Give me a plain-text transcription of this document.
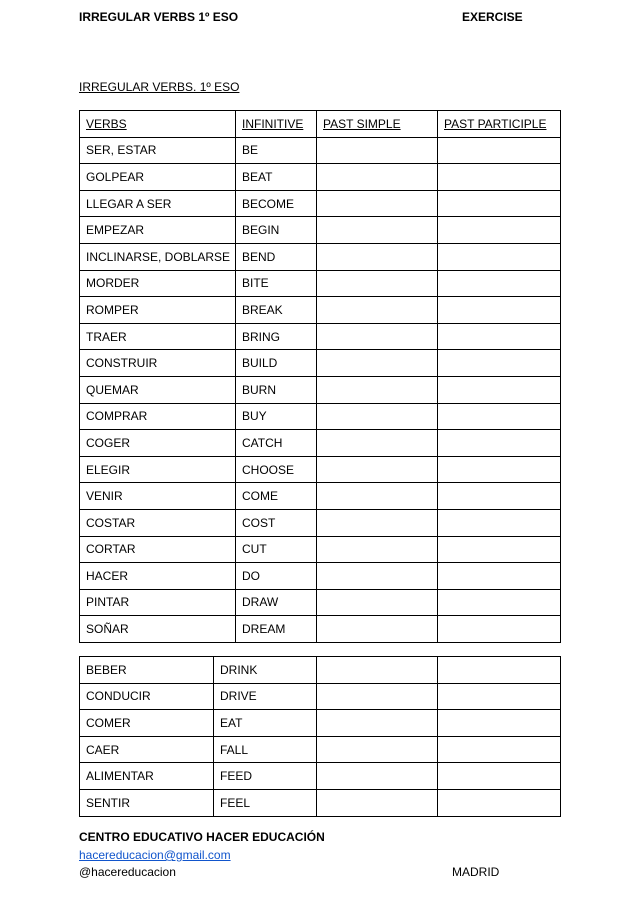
IRREGULAR VERBS 1º ESO	EXERCISE
IRREGULAR VERBS. 1º ESO
VERBS	INFINITIVE	PAST SIMPLE	PAST PARTICIPLE
SER, ESTAR	BE		
GOLPEAR	BEAT		
LLEGAR A SER	BECOME		
EMPEZAR	BEGIN		
INCLINARSE, DOBLARSE	BEND		
MORDER	BITE		
ROMPER	BREAK		
TRAER	BRING		
CONSTRUIR	BUILD		
QUEMAR	BURN		
COMPRAR	BUY		
COGER	CATCH		
ELEGIR	CHOOSE		
VENIR	COME		
COSTAR	COST		
CORTAR	CUT		
HACER	DO		
PINTAR	DRAW		
SOÑAR	DREAM		
BEBER	DRINK		
CONDUCIR	DRIVE		
COMER	EAT		
CAER	FALL		
ALIMENTAR	FEED		
SENTIR	FEEL		
CENTRO EDUCATIVO HACER EDUCACIÓN
hacereducacion@gmail.com
@hacereducacion	MADRID
